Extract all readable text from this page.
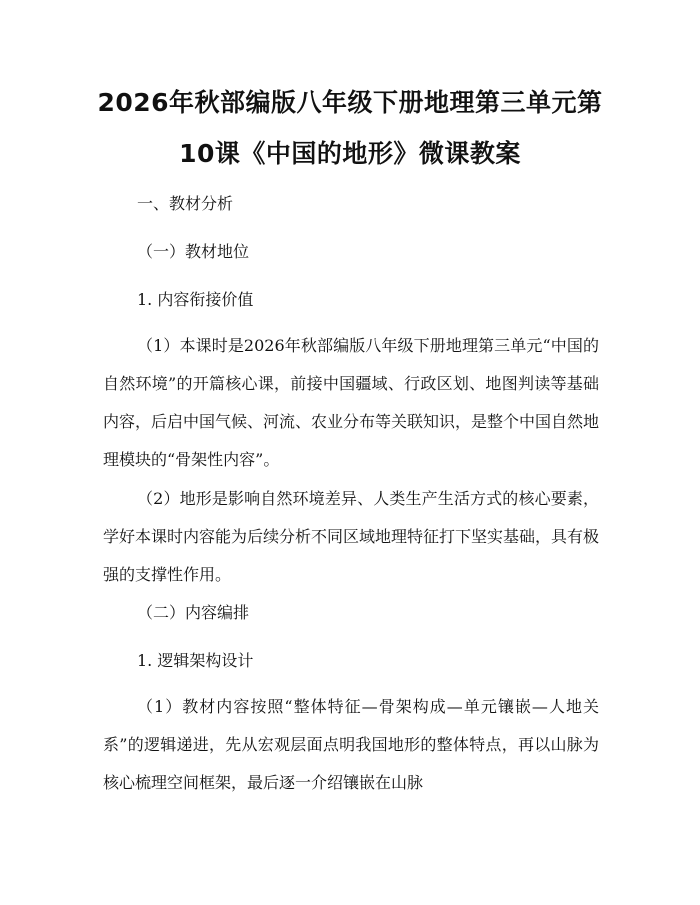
2026年秋部编版八年级下册地理第三单元第
10课《中国的地形》微课教案
一、教材分析
（一）教材地位
1. 内容衔接价值

（1）本课时是2026年秋部编版八年级下册地理第三单元“中国的自然环境”的开篇核心课，前接中国疆域、行政区划、地图判读等基础内容，后启中国气候、河流、农业分布等关联知识，是整个中国自然地理模块的“骨架性内容”。

（2）地形是影响自然环境差异、人类生产生活方式的核心要素，学好本课时内容能为后续分析不同区域地理特征打下坚实基础，具有极强的支撑性作用。

（二）内容编排
1. 逻辑架构设计

（1）教材内容按照“整体特征—骨架构成—单元镶嵌—人地关系”的逻辑递进，先从宏观层面点明我国地形的整体特点，再以山脉为核心梳理空间框架，最后逐一介绍镶嵌在山脉
